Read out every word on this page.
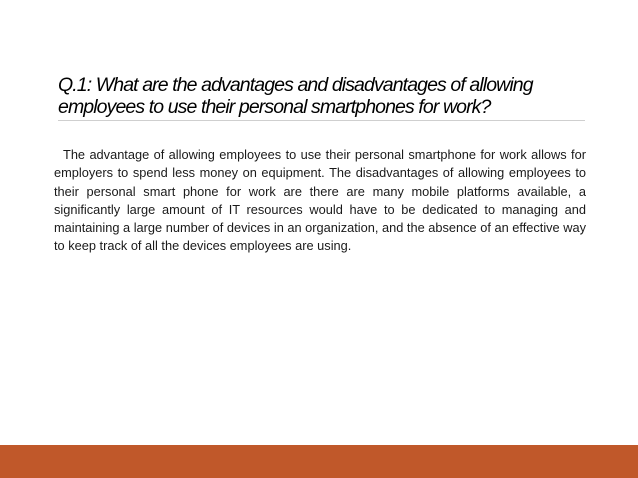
Q.1: What are the advantages and disadvantages of allowing employees to use their personal smartphones for work?

The advantage of allowing employees to use their personal smartphone for work allows for employers to spend less money on equipment. The disadvantages of allowing employees to their personal smart phone for work are there are many mobile platforms available, a significantly large amount of IT resources would have to be dedicated to managing and maintaining a large number of devices in an organization, and the absence of an effective way to keep track of all the devices employees are using.
